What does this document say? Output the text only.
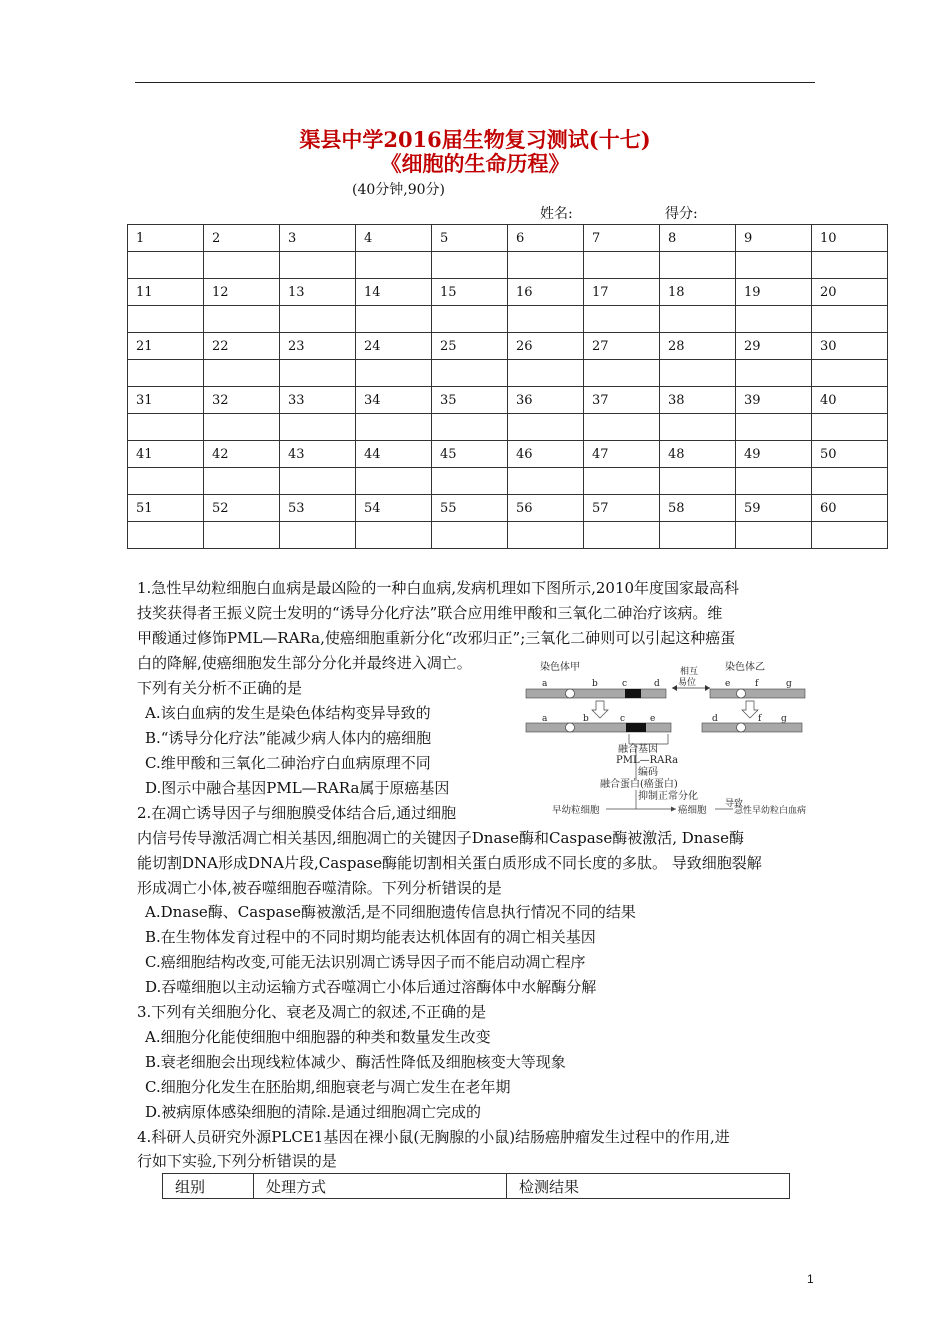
渠县中学2016届生物复习测试(十七)
《细胞的生命历程》
(40分钟,90分)
姓名:	得分:
1	2	3	4	5	6	7	8	9	10

11	12	13	14	15	16	17	18	19	20

21	22	23	24	25	26	27	28	29	30

31	32	33	34	35	36	37	38	39	40

41	42	43	44	45	46	47	48	49	50

51	52	53	54	55	56	57	58	59	60

1.急性早幼粒细胞白血病是最凶险的一种白血病,发病机理如下图所示,2010年度国家最高科
技奖获得者王振义院士发明的“诱导分化疗法”联合应用维甲酸和三氧化二砷治疗该病。维
甲酸通过修饰PML—RARa,使癌细胞重新分化“改邪归正”;三氧化二砷则可以引起这种癌蛋
白的降解,使癌细胞发生部分分化并最终进入凋亡。
下列有关分析不正确的是
A.该白血病的发生是染色体结构变异导致的
B.“诱导分化疗法”能减少病人体内的癌细胞
C.维甲酸和三氧化二砷治疗白血病原理不同
D.图示中融合基因PML—RARa属于原癌基因
染色体甲	染色体乙
相互
易位
a	b	c	d	e	f	g
a	b	c	e	d	f g
融合基因
PML—RARa
编码
融合蛋白(癌蛋白)
抑制正常分化
早幼粒细胞	癌细胞
导致
急性早幼粒白血病
2.在凋亡诱导因子与细胞膜受体结合后,通过细胞
内信号传导激活凋亡相关基因,细胞凋亡的关键因子Dnase酶和Caspase酶被激活, Dnase酶
能切割DNA形成DNA片段,Caspase酶能切割相关蛋白质形成不同长度的多肽。 导致细胞裂解
形成凋亡小体,被吞噬细胞吞噬清除。下列分析错误的是
A.Dnase酶、Caspase酶被激活,是不同细胞遗传信息执行情况不同的结果
B.在生物体发育过程中的不同时期均能表达机体固有的凋亡相关基因
C.癌细胞结构改变,可能无法识别凋亡诱导因子而不能启动凋亡程序
D.吞噬细胞以主动运输方式吞噬凋亡小体后通过溶酶体中水解酶分解
3.下列有关细胞分化、衰老及凋亡的叙述,不正确的是
A.细胞分化能使细胞中细胞器的种类和数量发生改变
B.衰老细胞会出现线粒体减少、酶活性降低及细胞核变大等现象
C.细胞分化发生在胚胎期,细胞衰老与凋亡发生在老年期
D.被病原体感染细胞的清除.是通过细胞凋亡完成的
4.科研人员研究外源PLCE1基因在裸小鼠(无胸腺的小鼠)结肠癌肿瘤发生过程中的作用,进
行如下实验,下列分析错误的是
组别	处理方式	检测结果
1
